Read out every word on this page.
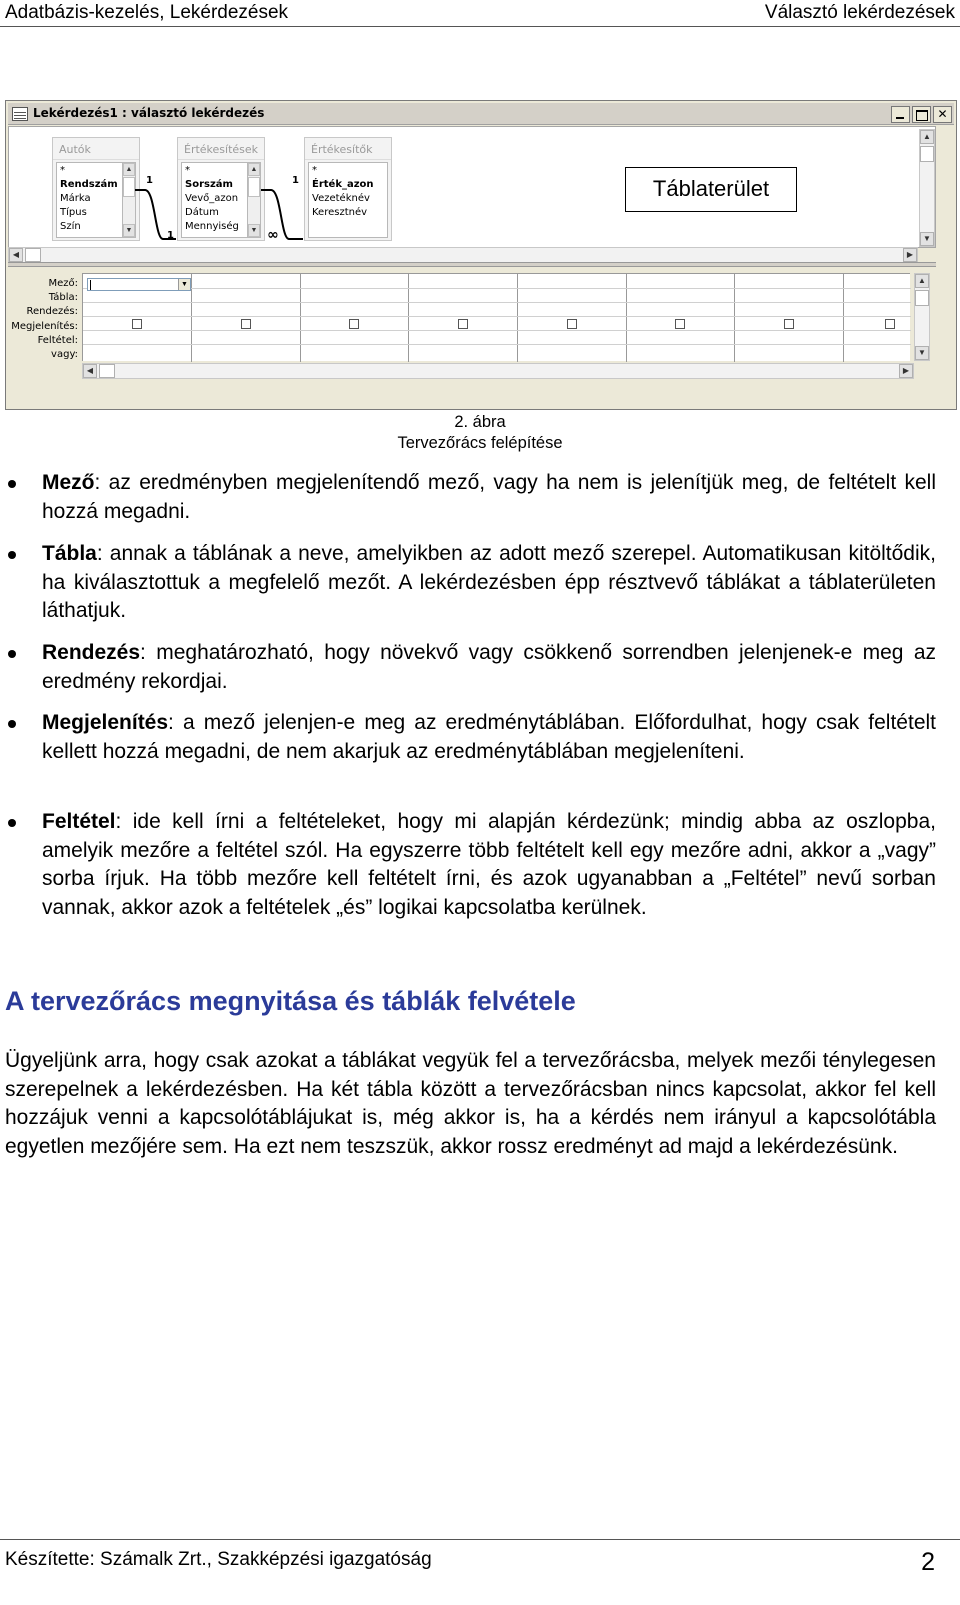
Adatbázis-kezelés, Lekérdezések	Választó lekérdezések
Lekérdezés1 : választó lekérdezés	✕
Autók
*
Rendszám
Márka
Típus
Szín
▲
▼
Értékesítések
*
Sorszám
Vevő_azon
Dátum
Mennyiség
▲
▼
Értékesítők
*
Érték_azon
Vezetéknév
Keresztnév
1
1
1
∞
Táblaterület
▲
▼
◀	▶
Mező:
Tábla:
Rendezés:
Megjelenítés:
Feltétel:
vagy:
▼	▲
▼
◀	▶
2. ábra
Tervezőrács felépítése
Mező: az eredményben megjelenítendő mező, vagy ha nem is jelenítjük meg, de feltételt kell hozzá megadni.
Tábla: annak a táblának a neve, amelyikben az adott mező szerepel. Automatikusan kitöltődik, ha kiválasztottuk a megfelelő mezőt. A lekérdezésben épp résztvevő táblákat a táblaterületen láthatjuk.
Rendezés: meghatározható, hogy növekvő vagy csökkenő sorrendben jelenjenek-e meg az eredmény rekordjai.
Megjelenítés: a mező jelenjen-e meg az eredménytáblában. Előfordulhat, hogy csak feltételt kellett hozzá megadni, de nem akarjuk az eredménytáblában megjeleníteni.
Feltétel: ide kell írni a feltételeket, hogy mi alapján kérdezünk; mindig abba az oszlopba, amelyik mezőre a feltétel szól. Ha egyszerre több feltételt kell egy mezőre adni, akkor a „vagy” sorba írjuk. Ha több mezőre kell feltételt írni, és azok ugyanabban a „Feltétel” nevű sorban vannak, akkor azok a feltételek „és” logikai kapcsolatba kerülnek.
A tervezőrács megnyitása és táblák felvétele
Ügyeljünk arra, hogy csak azokat a táblákat vegyük fel a tervezőrácsba, melyek mezői ténylegesen szerepelnek a lekérdezésben. Ha két tábla között a tervezőrácsban nincs kapcsolat, akkor fel kell hozzájuk venni a kapcsolótáblájukat is, még akkor is, ha a kérdés nem irányul a kapcsolótábla egyetlen mezőjére sem. Ha ezt nem teszszük, akkor rossz eredményt ad majd a lekérdezésünk.
Készítette: Számalk Zrt., Szakképzési igazgatóság	2
